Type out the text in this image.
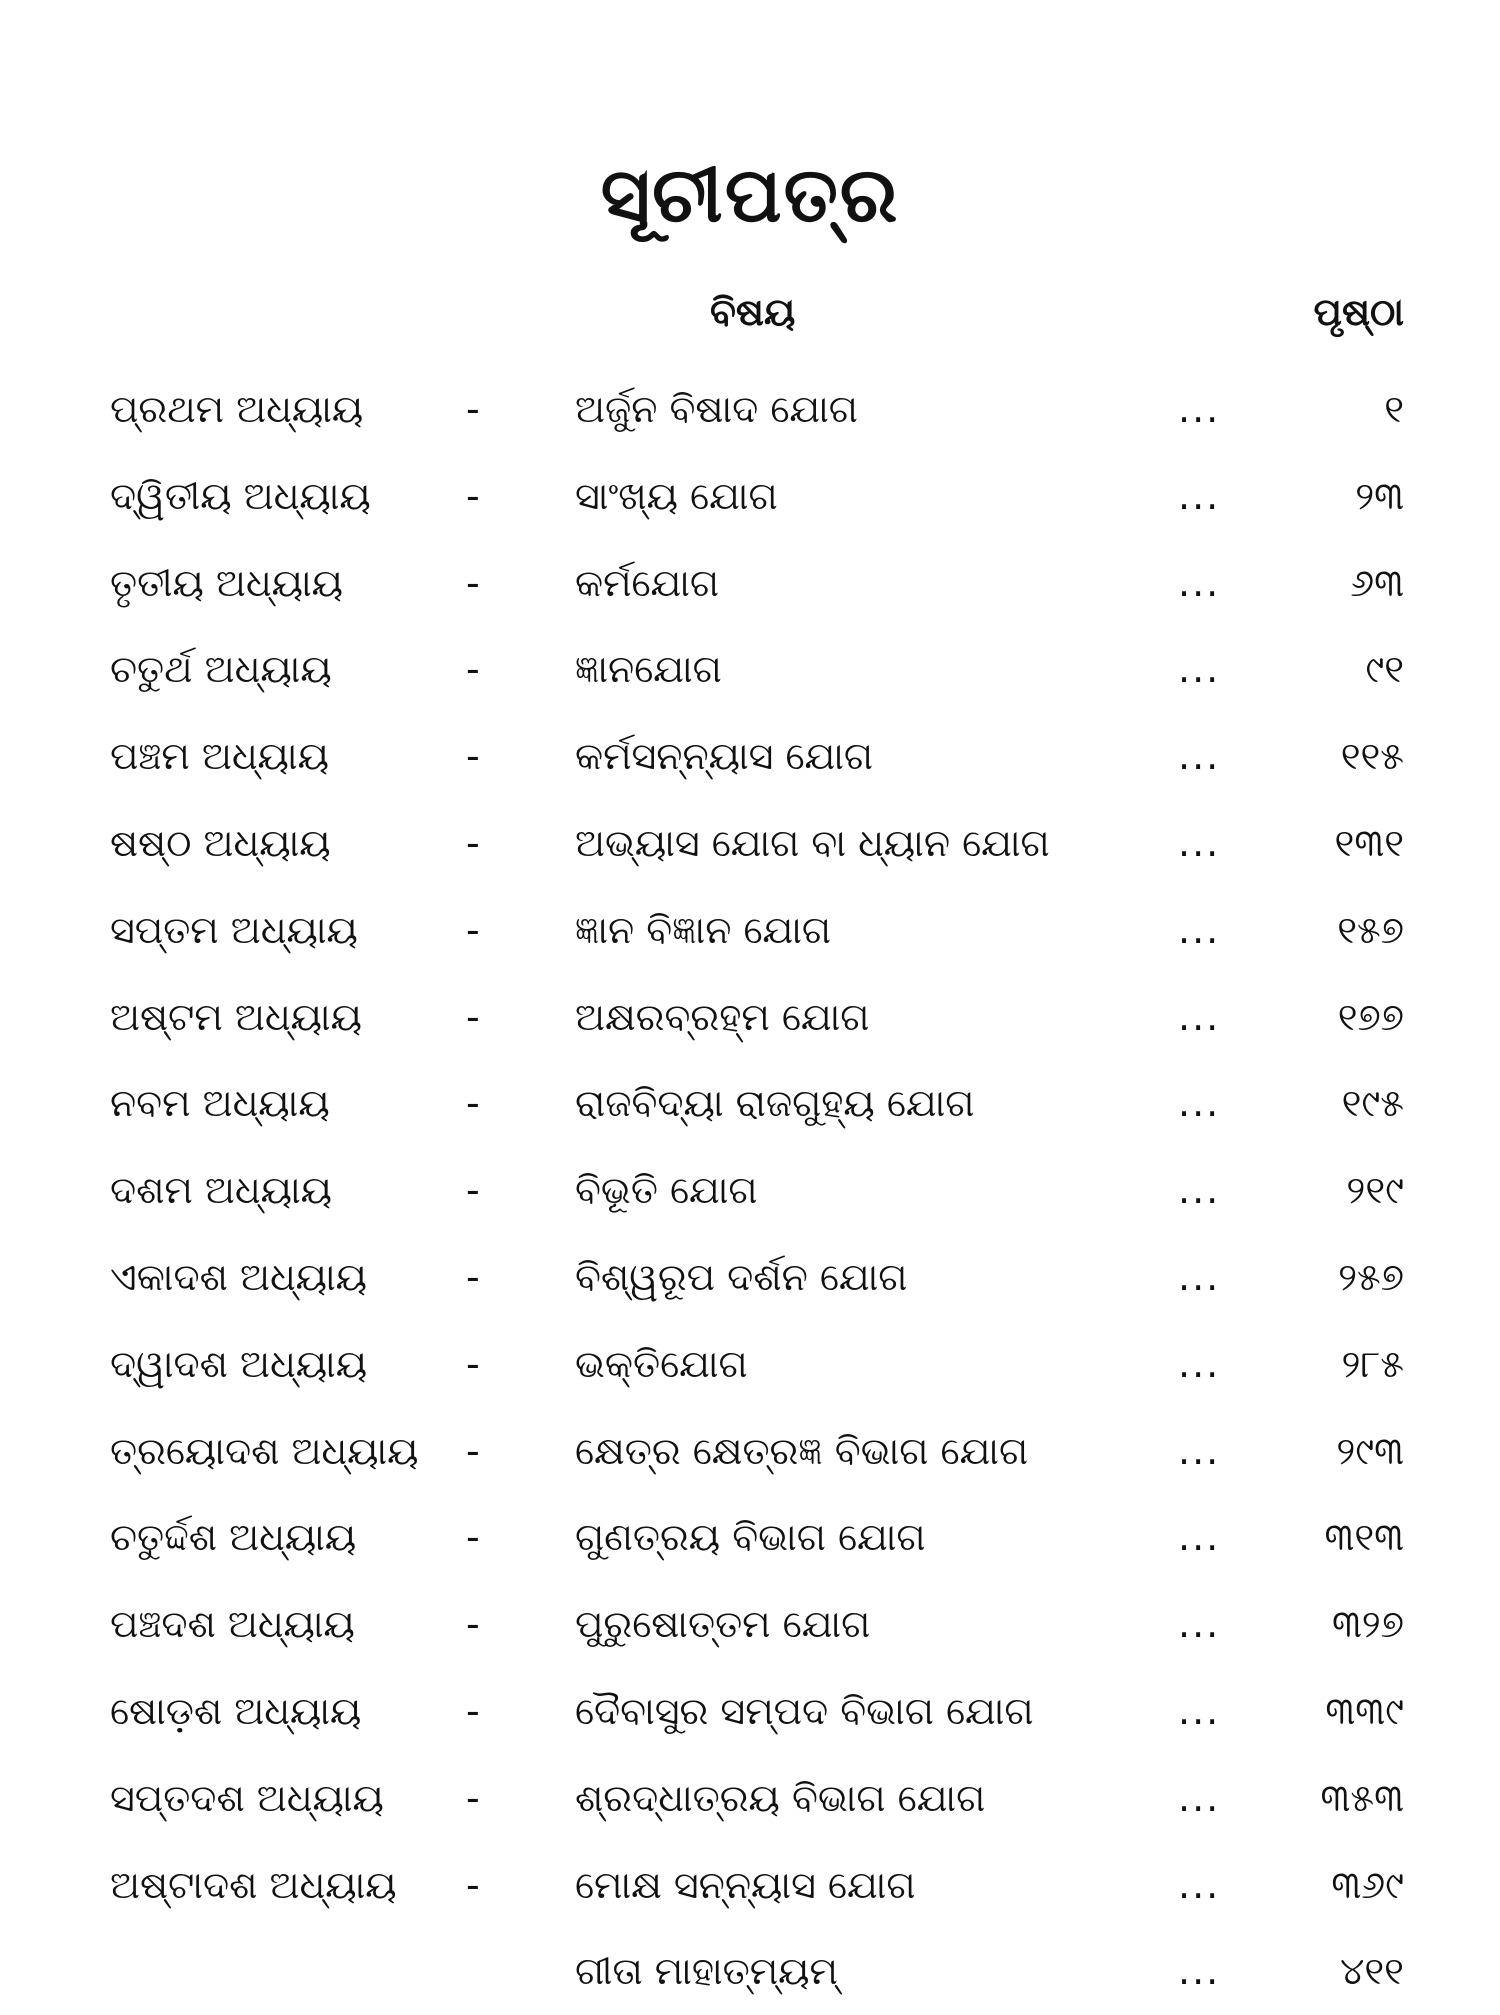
ସୂଚୀପତ୍ର
ବିଷୟ	ପୃଷ୍ଠା
ପ୍ରଥମ ଅଧ୍ୟାୟ	-	ଅର୍ଜୁନ ବିଷାଦ ଯୋଗ	...	୧
ଦ୍ୱିତୀୟ ଅଧ୍ୟାୟ	-	ସାଂଖ୍ୟ ଯୋଗ	...	୨୩
ତୃତୀୟ ଅଧ୍ୟାୟ	-	କର୍ମଯୋଗ	...	୬୩
ଚତୁର୍ଥ ଅଧ୍ୟାୟ	-	ଜ୍ଞାନଯୋଗ	...	୯୧
ପଞ୍ଚମ ଅଧ୍ୟାୟ	-	କର୍ମସନ୍ନ୍ୟାସ ଯୋଗ	...	୧୧୫
ଷଷ୍ଠ ଅଧ୍ୟାୟ	-	ଅଭ୍ୟାସ ଯୋଗ ବା ଧ୍ୟାନ ଯୋଗ	...	୧୩୧
ସପ୍ତମ ଅଧ୍ୟାୟ	-	ଜ୍ଞାନ ବିଜ୍ଞାନ ଯୋଗ	...	୧୫୭
ଅଷ୍ଟମ ଅଧ୍ୟାୟ	-	ଅକ୍ଷରବ୍ରହ୍ମ ଯୋଗ	...	୧୭୭
ନବମ ଅଧ୍ୟାୟ	-	ରାଜବିଦ୍ୟା ରାଜଗୁହ୍ୟ ଯୋଗ	...	୧୯୫
ଦଶମ ଅଧ୍ୟାୟ	-	ବିଭୂତି ଯୋଗ	...	୨୧୯
ଏକାଦଶ ଅଧ୍ୟାୟ	-	ବିଶ୍ୱରୂପ ଦର୍ଶନ ଯୋଗ	...	୨୫୭
ଦ୍ୱାଦଶ ଅଧ୍ୟାୟ	-	ଭକ୍ତିଯୋଗ	...	୨୮୫
ତ୍ରୟୋଦଶ ଅଧ୍ୟାୟ -	କ୍ଷେତ୍ର କ୍ଷେତ୍ରଜ୍ଞ ବିଭାଗ ଯୋଗ	...	୨୯୩
ଚତୁର୍ଦ୍ଦଶ ଅଧ୍ୟାୟ	-	ଗୁଣତ୍ରୟ ବିଭାଗ ଯୋଗ	...	୩୧୩
ପଞ୍ଚଦଶ ଅଧ୍ୟାୟ	-	ପୁରୁଷୋତ୍ତମ ଯୋଗ	...	୩୨୭
ଷୋଡ଼ଶ ଅଧ୍ୟାୟ	-	ଦୈବାସୁର ସମ୍ପଦ ବିଭାଗ ଯୋଗ	...	୩୩୯
ସପ୍ତଦଶ ଅଧ୍ୟାୟ -	ଶ୍ରଦ୍ଧାତ୍ରୟ ବିଭାଗ ଯୋଗ	...	୩୫୩
ଅଷ୍ଟାଦଶ ଅଧ୍ୟାୟ -	ମୋକ୍ଷ ସନ୍ନ୍ୟାସ ଯୋଗ	...	୩୬୯
ଗୀତା ମାହାତ୍ମ୍ୟମ୍	...	୪୧୧
